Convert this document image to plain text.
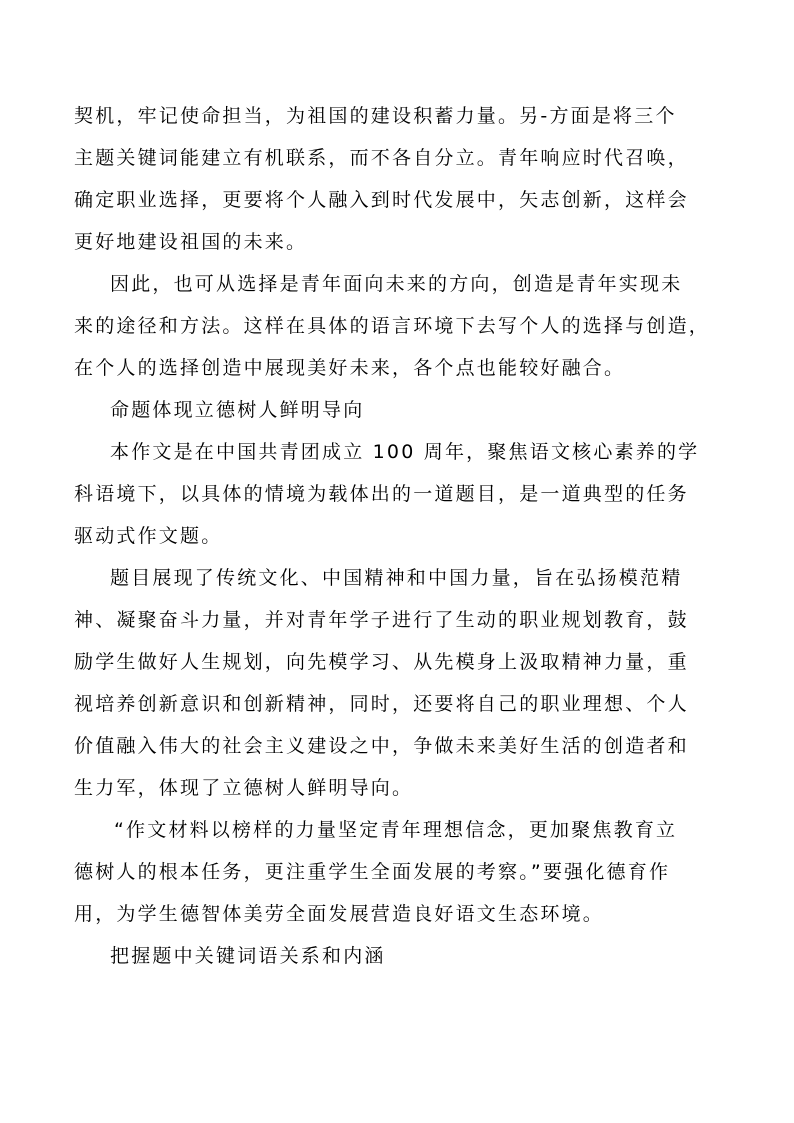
契机，牢记使命担当，为祖国的建设积蓄力量。另-方面是将三个
主题关键词能建立有机联系，而不各自分立。青年响应时代召唤，
确定职业选择，更要将个人融入到时代发展中，矢志创新，这样会
更好地建设祖国的未来。
因此，也可从选择是青年面向未来的方向，创造是青年实现未
来的途径和方法。这样在具体的语言环境下去写个人的选择与创造，
在个人的选择创造中展现美好未来，各个点也能较好融合。
命题体现立德树人鲜明导向
本作文是在中国共青团成立 100 周年，聚焦语文核心素养的学
科语境下，以具体的情境为载体出的一道题目，是一道典型的任务
驱动式作文题。
题目展现了传统文化、中国精神和中国力量，旨在弘扬模范精
神、凝聚奋斗力量，并对青年学子进行了生动的职业规划教育，鼓
励学生做好人生规划，向先模学习、从先模身上汲取精神力量，重
视培养创新意识和创新精神，同时，还要将自己的职业理想、个人
价值融入伟大的社会主义建设之中，争做未来美好生活的创造者和
生力军，体现了立德树人鲜明导向。
“作文材料以榜样的力量坚定青年理想信念，更加聚焦教育立
德树人的根本任务，更注重学生全面发展的考察。”要强化德育作
用，为学生德智体美劳全面发展营造良好语文生态环境。
把握题中关键词语关系和内涵
